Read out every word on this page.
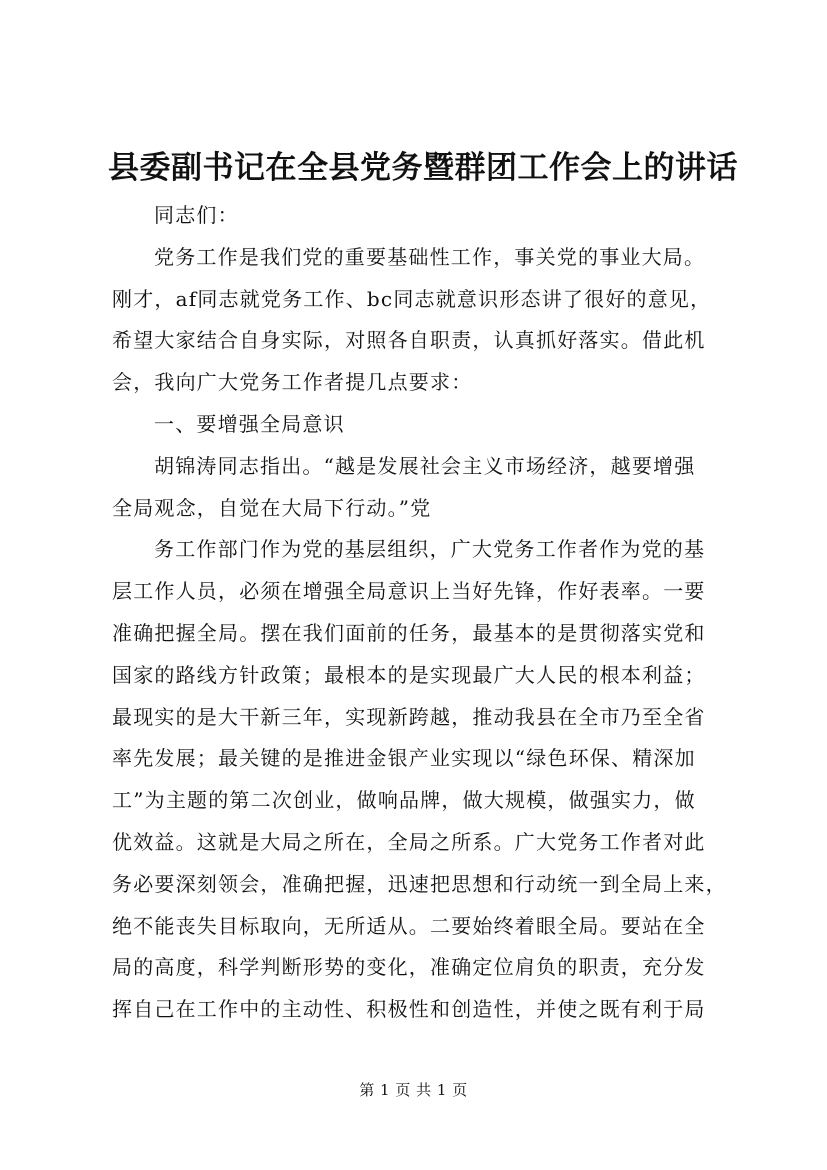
县委副书记在全县党务暨群团工作会上的讲话
同志们：
党务工作是我们党的重要基础性工作，事关党的事业大局。
刚才，af同志就党务工作、bc同志就意识形态讲了很好的意见，
希望大家结合自身实际，对照各自职责，认真抓好落实。借此机
会，我向广大党务工作者提几点要求：
一、要增强全局意识
胡锦涛同志指出。“越是发展社会主义市场经济，越要增强
全局观念，自觉在大局下行动。”党
务工作部门作为党的基层组织，广大党务工作者作为党的基
层工作人员，必须在增强全局意识上当好先锋，作好表率。一要
准确把握全局。摆在我们面前的任务，最基本的是贯彻落实党和
国家的路线方针政策；最根本的是实现最广大人民的根本利益；
最现实的是大干新三年，实现新跨越，推动我县在全市乃至全省
率先发展；最关键的是推进金银产业实现以“绿色环保、精深加
工”为主题的第二次创业，做响品牌，做大规模，做强实力，做
优效益。这就是大局之所在，全局之所系。广大党务工作者对此
务必要深刻领会，准确把握，迅速把思想和行动统一到全局上来，
绝不能丧失目标取向，无所适从。二要始终着眼全局。要站在全
局的高度，科学判断形势的变化，准确定位肩负的职责，充分发
挥自己在工作中的主动性、积极性和创造性，并使之既有利于局
第 1 页 共 1 页
